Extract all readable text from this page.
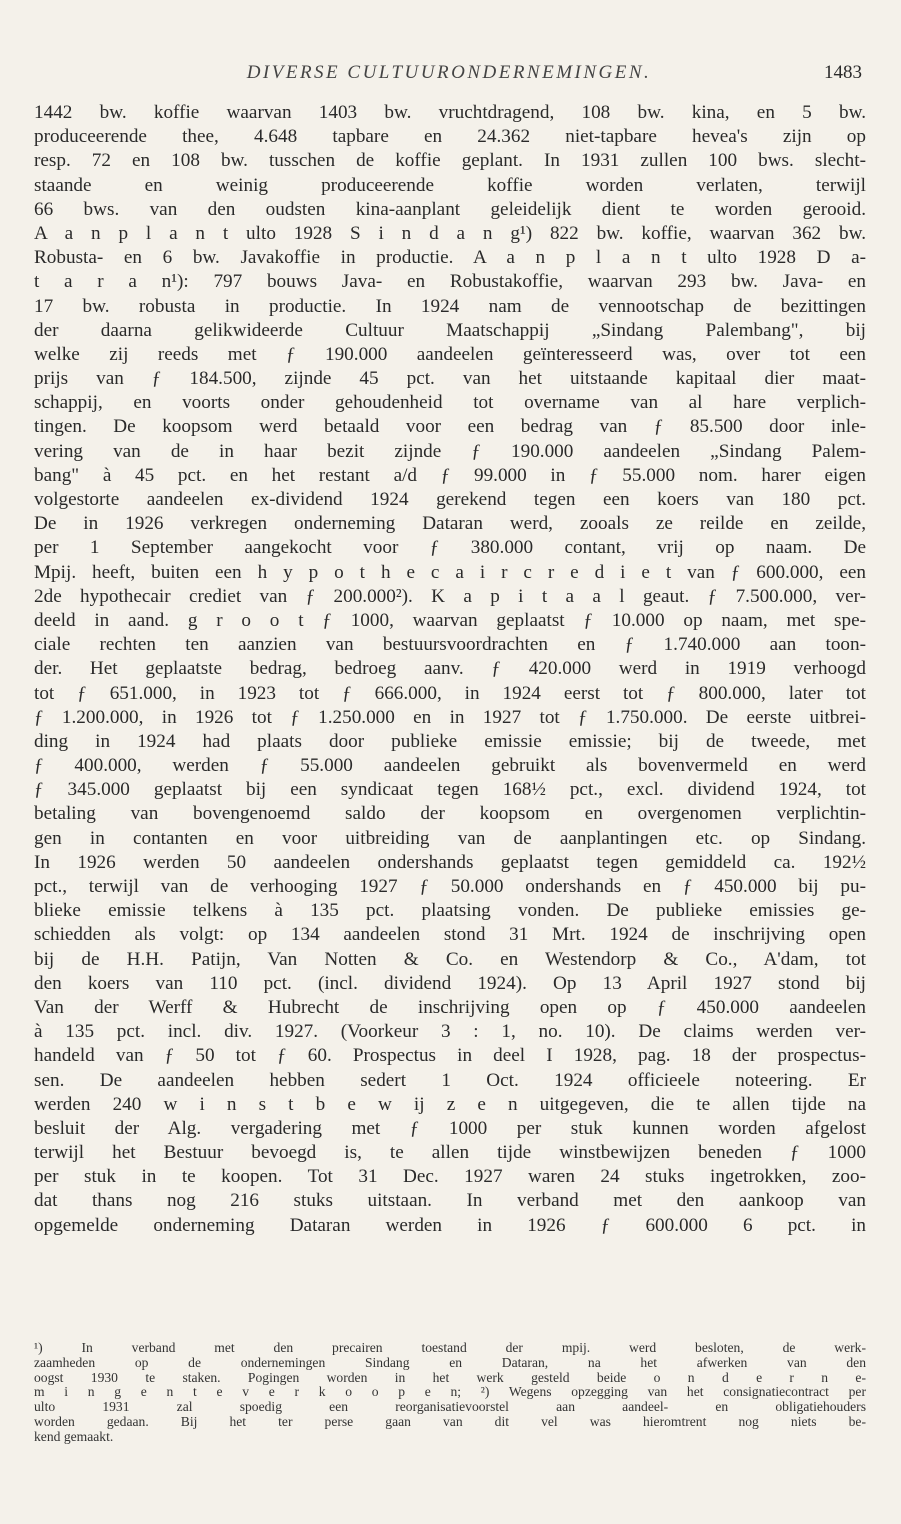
DIVERSE CULTUURONDERNEMINGEN.	1483
1442 bw. koffie waarvan 1403 bw. vruchtdragend, 108 bw. kina, en 5 bw.
produceerende thee, 4.648 tapbare en 24.362 niet-tapbare hevea's zijn op
resp. 72 en 108 bw. tusschen de koffie geplant. In 1931 zullen 100 bws. slecht-
staande en weinig produceerende koffie worden verlaten, terwijl
66 bws. van den oudsten kina-aanplant geleidelijk dient te worden gerooid.
A a n p l a n t ulto 1928 S i n d a n g¹) 822 bw. koffie, waarvan 362 bw.
Robusta- en 6 bw. Javakoffie in productie. A a n p l a n t ulto 1928 D a-
t a r a n¹): 797 bouws Java- en Robustakoffie, waarvan 293 bw. Java- en
17 bw. robusta in productie. In 1924 nam de vennootschap de bezittingen
der daarna gelikwideerde Cultuur Maatschappij „Sindang Palembang", bij
welke zij reeds met ƒ 190.000 aandeelen geïnteresseerd was, over tot een
prijs van ƒ 184.500, zijnde 45 pct. van het uitstaande kapitaal dier maat-
schappij, en voorts onder gehoudenheid tot overname van al hare verplich-
tingen. De koopsom werd betaald voor een bedrag van ƒ 85.500 door inle-
vering van de in haar bezit zijnde ƒ 190.000 aandeelen „Sindang Palem-
bang" à 45 pct. en het restant a/d ƒ 99.000 in ƒ 55.000 nom. harer eigen
volgestorte aandeelen ex-dividend 1924 gerekend tegen een koers van 180 pct.
De in 1926 verkregen onderneming Dataran werd, zooals ze reilde en zeilde,
per 1 September aangekocht voor ƒ 380.000 contant, vrij op naam. De
Mpij. heeft, buiten een h y p o t h e c a i r c r e d i e t van ƒ 600.000, een
2de hypothecair crediet van ƒ 200.000²). K a p i t a a l geaut. ƒ 7.500.000, ver-
deeld in aand. g r o o t ƒ 1000, waarvan geplaatst ƒ 10.000 op naam, met spe-
ciale rechten ten aanzien van bestuursvoordrachten en ƒ 1.740.000 aan toon-
der. Het geplaatste bedrag, bedroeg aanv. ƒ 420.000 werd in 1919 verhoogd
tot ƒ 651.000, in 1923 tot ƒ 666.000, in 1924 eerst tot ƒ 800.000, later tot
ƒ 1.200.000, in 1926 tot ƒ 1.250.000 en in 1927 tot ƒ 1.750.000. De eerste uitbrei-
ding in 1924 had plaats door publieke emissie emissie; bij de tweede, met
ƒ 400.000, werden ƒ 55.000 aandeelen gebruikt als bovenvermeld en werd
ƒ 345.000 geplaatst bij een syndicaat tegen 168½ pct., excl. dividend 1924, tot
betaling van bovengenoemd saldo der koopsom en overgenomen verplichtin-
gen in contanten en voor uitbreiding van de aanplantingen etc. op Sindang.
In 1926 werden 50 aandeelen ondershands geplaatst tegen gemiddeld ca. 192½
pct., terwijl van de verhooging 1927 ƒ 50.000 ondershands en ƒ 450.000 bij pu-
blieke emissie telkens à 135 pct. plaatsing vonden. De publieke emissies ge-
schiedden als volgt: op 134 aandeelen stond 31 Mrt. 1924 de inschrijving open
bij de H.H. Patijn, Van Notten & Co. en Westendorp & Co., A'dam, tot
den koers van 110 pct. (incl. dividend 1924). Op 13 April 1927 stond bij
Van der Werff & Hubrecht de inschrijving open op ƒ 450.000 aandeelen
à 135 pct. incl. div. 1927. (Voorkeur 3 : 1, no. 10). De claims werden ver-
handeld van ƒ 50 tot ƒ 60. Prospectus in deel I 1928, pag. 18 der prospectus-
sen. De aandeelen hebben sedert 1 Oct. 1924 officieele noteering. Er
werden 240 w i n s t b e w ij z e n uitgegeven, die te allen tijde na
besluit der Alg. vergadering met ƒ 1000 per stuk kunnen worden afgelost
terwijl het Bestuur bevoegd is, te allen tijde winstbewijzen beneden ƒ 1000
per stuk in te koopen. Tot 31 Dec. 1927 waren 24 stuks ingetrokken, zoo-
dat thans nog 216 stuks uitstaan. In verband met den aankoop van
opgemelde onderneming Dataran werden in 1926 ƒ 600.000 6 pct. in
¹) In verband met den precairen toestand der mpij. werd besloten, de werk-
zaamheden op de ondernemingen Sindang en Dataran, na het afwerken van den
oogst 1930 te staken. Pogingen worden in het werk gesteld beide o n d e r n e-
m i n g e n t e v e r k o o p e n; ²) Wegens opzegging van het consignatiecontract per
ulto 1931 zal spoedig een reorganisatievoorstel aan aandeel- en obligatiehouders
worden gedaan. Bij het ter perse gaan van dit vel was hieromtrent nog niets be-
kend gemaakt.
